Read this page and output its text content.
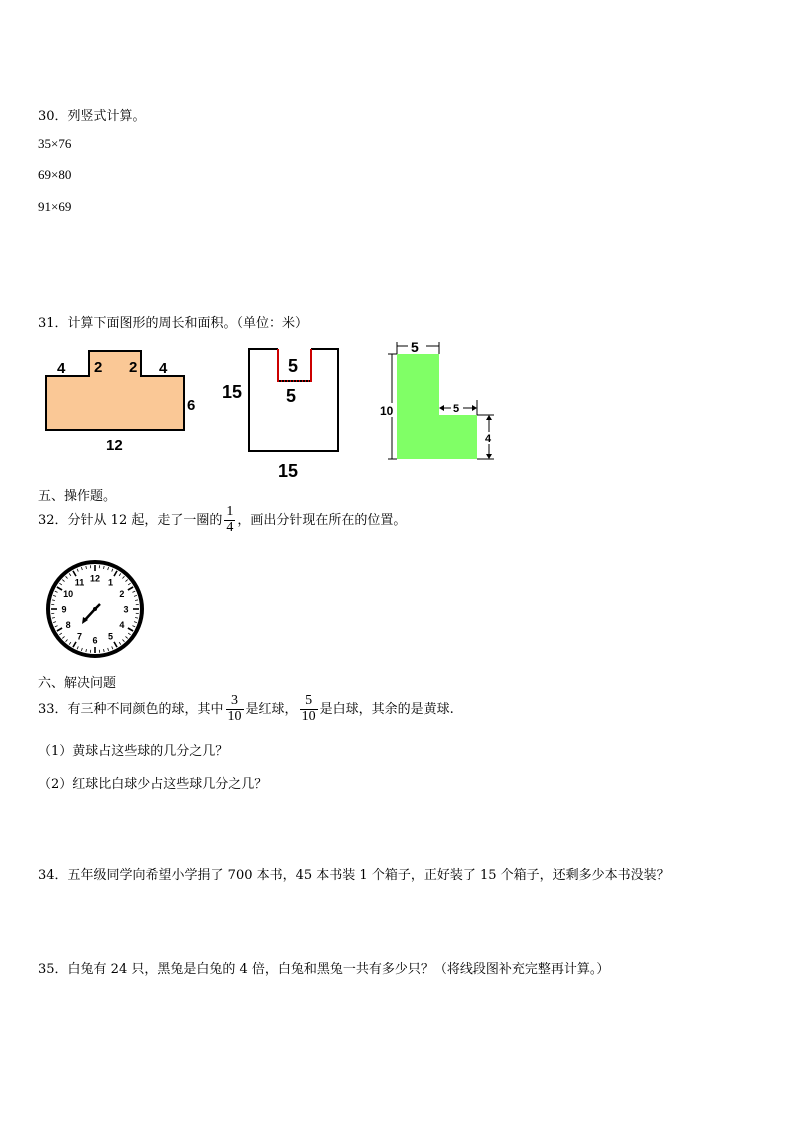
30．列竖式计算。
35×76
69×80
91×69
31．计算下面图形的周长和面积。（单位：米）
4 2 2 4
6
12
5
5
15
15
5
10	5
4
五、操作题。
32．分针从 12 起，走了一圈的 $\frac{1}{4}$ ，画出分针现在所在的位置。
12 1
2
3
4
5
6
7
8
9
10
11
六、解决问题
33．有三种不同颜色的球，其中 $\frac{3}{10}$ 是红球， $\frac{5}{10}$ 是白球，其余的是黄球.
（1）黄球占这些球的几分之几？
（2）红球比白球少占这些球几分之几？
34．五年级同学向希望小学捐了 700 本书，45 本书装 1 个箱子，正好装了 15 个箱子，还剩多少本书没装？
35．白兔有 24 只，黑兔是白兔的 4 倍，白兔和黑兔一共有多少只？（将线段图补充完整再计算。）
